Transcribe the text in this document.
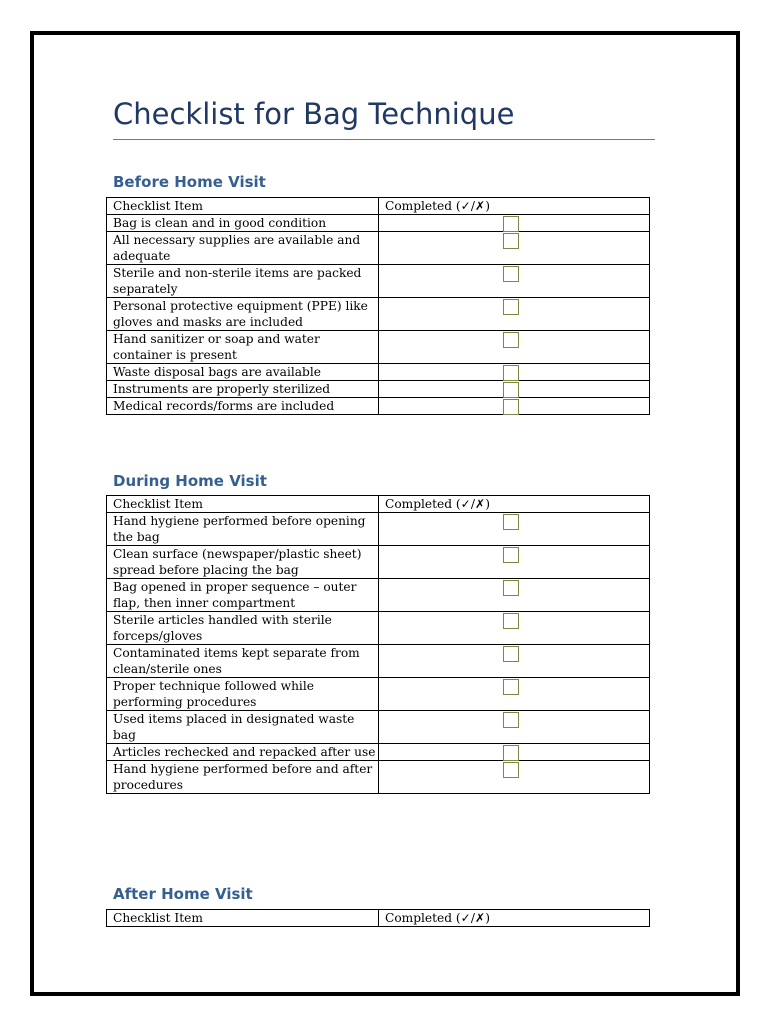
Checklist for Bag Technique
Before Home Visit
Checklist Item	Completed (✓/✗)
Bag is clean and in good condition	

All necessary supplies are available and adequate	

Sterile and non-sterile items are packed separately	

Personal protective equipment (PPE) like gloves and masks are included	

Hand sanitizer or soap and water container is present	

Waste disposal bags are available	

Instruments are properly sterilized	

Medical records/forms are included	
During Home Visit
Checklist Item	Completed (✓/✗)
Hand hygiene performed before opening the bag	

Clean surface (newspaper/plastic sheet) spread before placing the bag	

Bag opened in proper sequence – outer flap, then inner compartment	

Sterile articles handled with sterile forceps/gloves	

Contaminated items kept separate from clean/sterile ones	

Proper technique followed while performing procedures	

Used items placed in designated waste bag	

Articles rechecked and repacked after use	

Hand hygiene performed before and after procedures	
After Home Visit
Checklist Item	Completed (✓/✗)
